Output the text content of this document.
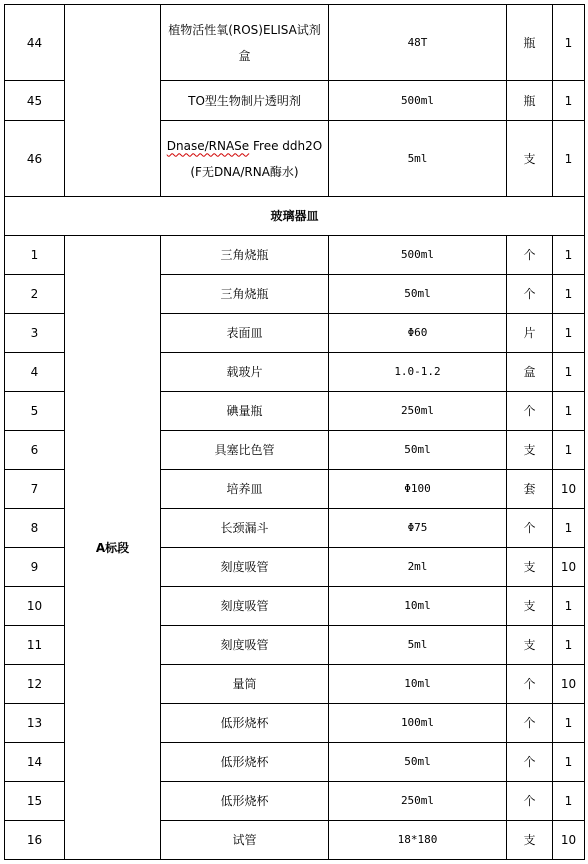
44		植物活性氧(ROS)ELISA试剂盒	48T	瓶	1
45		TO型生物制片透明剂	500ml	瓶	1
46		Dnase/RNASe Free ddh2O(F无DNA/RNA酶水)	5ml	支	1
玻璃器皿					
1	A标段	三角烧瓶	500ml	个	1
2		三角烧瓶	50ml	个	1
3		表面皿	Φ60	片	1
4		载玻片	1.0-1.2	盒	1
5		碘量瓶	250ml	个	1
6		具塞比色管	50ml	支	1
7		培养皿	Φ100	套	10
8		长颈漏斗	Φ75	个	1
9		刻度吸管	2ml	支	10
10		刻度吸管	10ml	支	1
11		刻度吸管	5ml	支	1
12		量筒	10ml	个	10
13		低形烧杯	100ml	个	1
14		低形烧杯	50ml	个	1
15		低形烧杯	250ml	个	1
16		试管	18*180	支	10
